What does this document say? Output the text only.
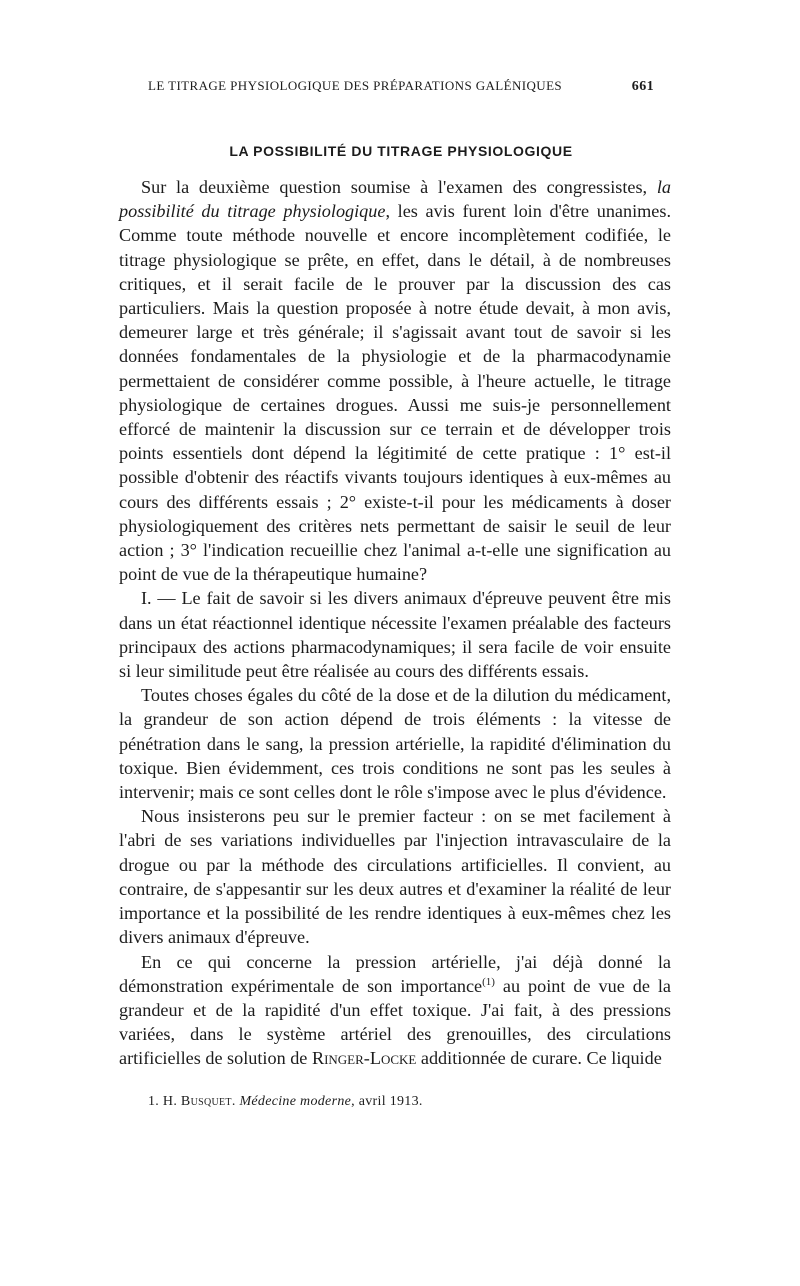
LE TITRAGE PHYSIOLOGIQUE DES PRÉPARATIONS GALÉNIQUES	661
LA POSSIBILITÉ DU TITRAGE PHYSIOLOGIQUE

Sur la deuxième question soumise à l'examen des congressistes, la possibilité du titrage physiologique, les avis furent loin d'être unanimes. Comme toute méthode nouvelle et encore incomplètement codifiée, le titrage physiologique se prête, en effet, dans le détail, à de nombreuses critiques, et il serait facile de le prouver par la discussion des cas particuliers. Mais la question proposée à notre étude devait, à mon avis, demeurer large et très générale; il s'agissait avant tout de savoir si les données fondamentales de la physiologie et de la pharmacodynamie permettaient de considérer comme possible, à l'heure actuelle, le titrage physiologique de certaines drogues. Aussi me suis-je personnellement efforcé de maintenir la discussion sur ce terrain et de développer trois points essentiels dont dépend la légitimité de cette pratique : 1° est-il possible d'obtenir des réactifs vivants toujours identiques à eux-mêmes au cours des différents essais ; 2° existe-t-il pour les médicaments à doser physiologiquement des critères nets permettant de saisir le seuil de leur action ; 3° l'indication recueillie chez l'animal a-t-elle une signification au point de vue de la thérapeutique humaine?

I. — Le fait de savoir si les divers animaux d'épreuve peuvent être mis dans un état réactionnel identique nécessite l'examen préalable des facteurs principaux des actions pharmacodynamiques; il sera facile de voir ensuite si leur similitude peut être réalisée au cours des différents essais.

Toutes choses égales du côté de la dose et de la dilution du médicament, la grandeur de son action dépend de trois éléments : la vitesse de pénétration dans le sang, la pression artérielle, la rapidité d'élimination du toxique. Bien évidemment, ces trois conditions ne sont pas les seules à intervenir; mais ce sont celles dont le rôle s'impose avec le plus d'évidence.

Nous insisterons peu sur le premier facteur : on se met facilement à l'abri de ses variations individuelles par l'injection intravasculaire de la drogue ou par la méthode des circulations artificielles. Il convient, au contraire, de s'appesantir sur les deux autres et d'examiner la réalité de leur importance et la possibilité de les rendre identiques à eux-mêmes chez les divers animaux d'épreuve.

En ce qui concerne la pression artérielle, j'ai déjà donné la démonstration expérimentale de son importance$^{(1)}$ au point de vue de la grandeur et de la rapidité d'un effet toxique. J'ai fait, à des pressions variées, dans le système artériel des grenouilles, des circulations artificielles de solution de Ringer-Locke additionnée de curare. Ce liquide

1. H. Busquet. Médecine moderne, avril 1913.
